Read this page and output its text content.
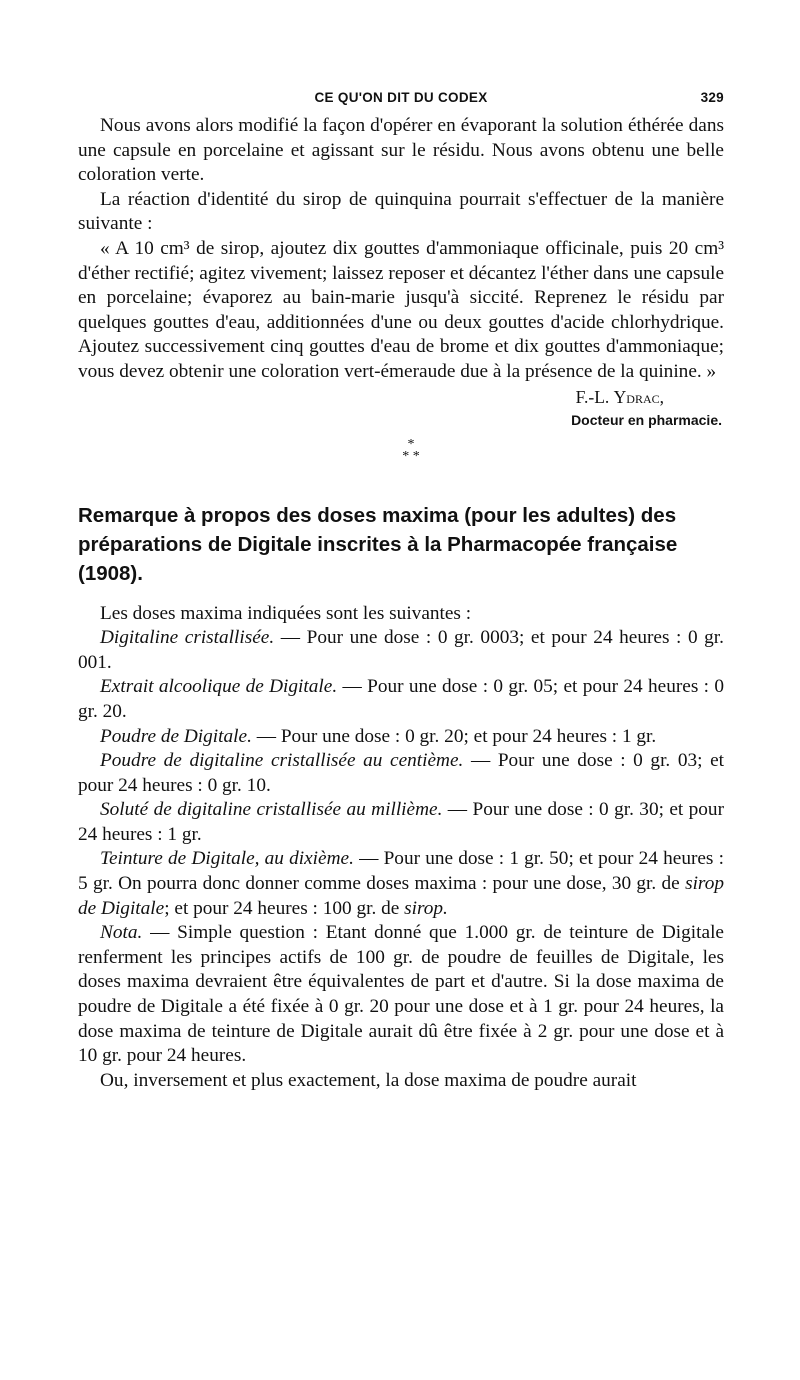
CE QU'ON DIT DU CODEX	329

Nous avons alors modifié la façon d'opérer en évaporant la solution éthérée dans une capsule en porcelaine et agissant sur le résidu. Nous avons obtenu une belle coloration verte.

La réaction d'identité du sirop de quinquina pourrait s'effectuer de la manière suivante :

« A 10 cm³ de sirop, ajoutez dix gouttes d'ammoniaque officinale, puis 20 cm³ d'éther rectifié; agitez vivement; laissez reposer et décantez l'éther dans une capsule en porcelaine; évaporez au bain-marie jusqu'à siccité. Reprenez le résidu par quelques gouttes d'eau, additionnées d'une ou deux gouttes d'acide chlorhydrique. Ajoutez successivement cinq gouttes d'eau de brome et dix gouttes d'ammoniaque; vous devez obtenir une coloration vert-émeraude due à la présence de la quinine. »

F.-L. Ydrac,
Docteur en pharmacie.
*
* *
Remarque à propos des doses maxima (pour les adultes) des
préparations de Digitale inscrites à la Pharmacopée française
(1908).

Les doses maxima indiquées sont les suivantes :

Digitaline cristallisée. — Pour une dose : 0 gr. 0003; et pour 24 heures : 0 gr. 001.

Extrait alcoolique de Digitale. — Pour une dose : 0 gr. 05; et pour 24 heures : 0 gr. 20.

Poudre de Digitale. — Pour une dose : 0 gr. 20; et pour 24 heures : 1 gr.

Poudre de digitaline cristallisée au centième. — Pour une dose : 0 gr. 03; et pour 24 heures : 0 gr. 10.

Soluté de digitaline cristallisée au millième. — Pour une dose : 0 gr. 30; et pour 24 heures : 1 gr.

Teinture de Digitale, au dixième. — Pour une dose : 1 gr. 50; et pour 24 heures : 5 gr. On pourra donc donner comme doses maxima : pour une dose, 30 gr. de sirop de Digitale; et pour 24 heures : 100 gr. de sirop.

Nota. — Simple question : Etant donné que 1.000 gr. de teinture de Digitale renferment les principes actifs de 100 gr. de poudre de feuilles de Digitale, les doses maxima devraient être équivalentes de part et d'autre. Si la dose maxima de poudre de Digitale a été fixée à 0 gr. 20 pour une dose et à 1 gr. pour 24 heures, la dose maxima de teinture de Digitale aurait dû être fixée à 2 gr. pour une dose et à 10 gr. pour 24 heures.

Ou, inversement et plus exactement, la dose maxima de poudre aurait
